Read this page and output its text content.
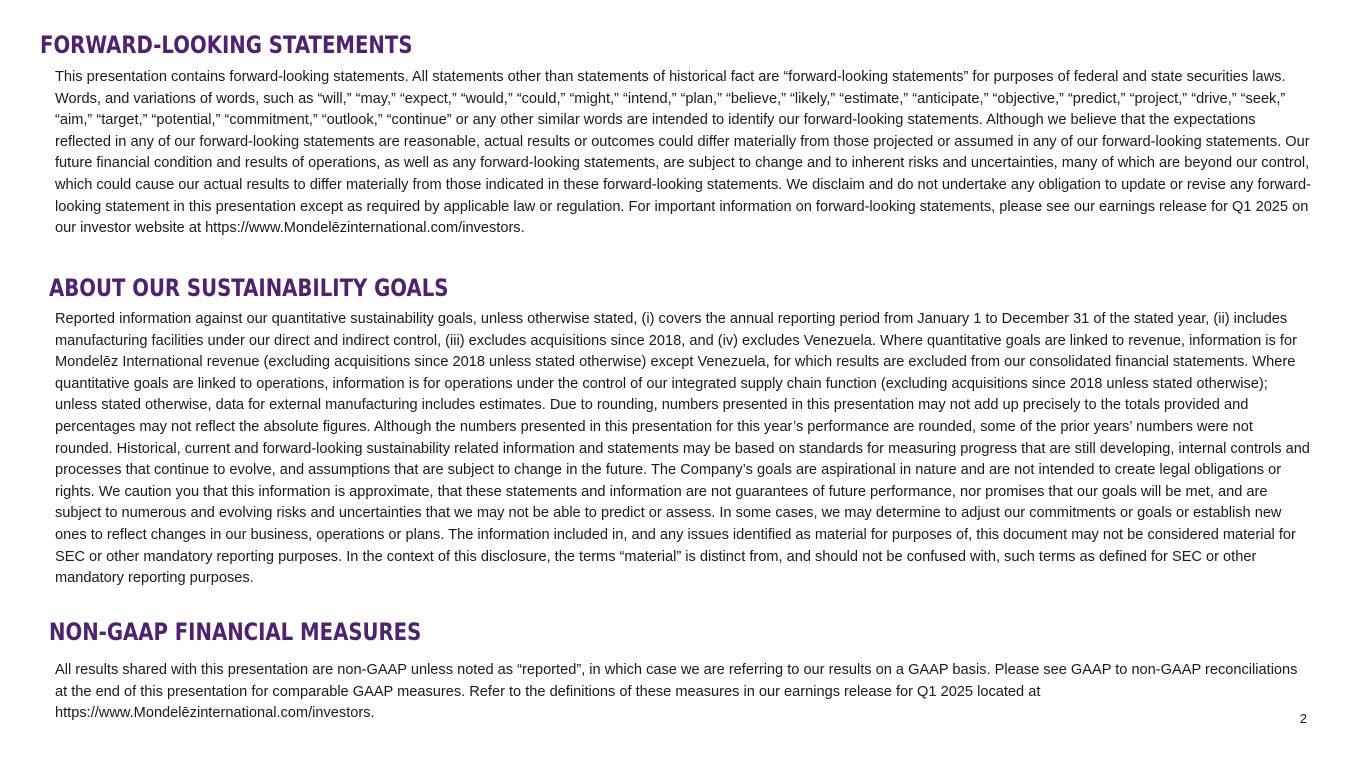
FORWARD-LOOKING STATEMENTS

This presentation contains forward-looking statements. All statements other than statements of historical fact are “forward-looking statements” for purposes of federal and state securities laws. Words, and variations of words, such as “will,” “may,” “expect,” “would,” “could,” “might,” “intend,” “plan,” “believe,” “likely,” “estimate,” “anticipate,” “objective,” “predict,” “project,” “drive,” “seek,” “aim,” “target,” “potential,” “commitment,” “outlook,” “continue” or any other similar words are intended to identify our forward-looking statements. Although we believe that the expectations reflected in any of our forward-looking statements are reasonable, actual results or outcomes could differ materially from those projected or assumed in any of our forward-looking statements. Our future financial condition and results of operations, as well as any forward-looking statements, are subject to change and to inherent risks and uncertainties, many of which are beyond our control, which could cause our actual results to differ materially from those indicated in these forward-looking statements. We disclaim and do not undertake any obligation to update or revise any forward-looking statement in this presentation except as required by applicable law or regulation. For important information on forward-looking statements, please see our earnings release for Q1 2025 on our investor website at https://www.Mondelēzinternational.com/investors.

ABOUT OUR SUSTAINABILITY GOALS

Reported information against our quantitative sustainability goals, unless otherwise stated, (i) covers the annual reporting period from January 1 to December 31 of the stated year, (ii) includes manufacturing facilities under our direct and indirect control, (iii) excludes acquisitions since 2018, and (iv) excludes Venezuela. Where quantitative goals are linked to revenue, information is for Mondelēz International revenue (excluding acquisitions since 2018 unless stated otherwise) except Venezuela, for which results are excluded from our consolidated financial statements. Where quantitative goals are linked to operations, information is for operations under the control of our integrated supply chain function (excluding acquisitions since 2018 unless stated otherwise); unless stated otherwise, data for external manufacturing includes estimates. Due to rounding, numbers presented in this presentation may not add up precisely to the totals provided and percentages may not reflect the absolute figures. Although the numbers presented in this presentation for this year’s performance are rounded, some of the prior years’ numbers were not rounded. Historical, current and forward-looking sustainability related information and statements may be based on standards for measuring progress that are still developing, internal controls and processes that continue to evolve, and assumptions that are subject to change in the future. The Company’s goals are aspirational in nature and are not intended to create legal obligations or rights. We caution you that this information is approximate, that these statements and information are not guarantees of future performance, nor promises that our goals will be met, and are subject to numerous and evolving risks and uncertainties that we may not be able to predict or assess. In some cases, we may determine to adjust our commitments or goals or establish new ones to reflect changes in our business, operations or plans. The information included in, and any issues identified as material for purposes of, this document may not be considered material for SEC or other mandatory reporting purposes. In the context of this disclosure, the terms “material” is distinct from, and should not be confused with, such terms as defined for SEC or other mandatory reporting purposes.

NON-GAAP FINANCIAL MEASURES

All results shared with this presentation are non-GAAP unless noted as “reported”, in which case we are referring to our results on a GAAP basis. Please see GAAP to non-GAAP reconciliations at the end of this presentation for comparable GAAP measures. Refer to the definitions of these measures in our earnings release for Q1 2025 located at https://www.Mondelēzinternational.com/investors.	2
